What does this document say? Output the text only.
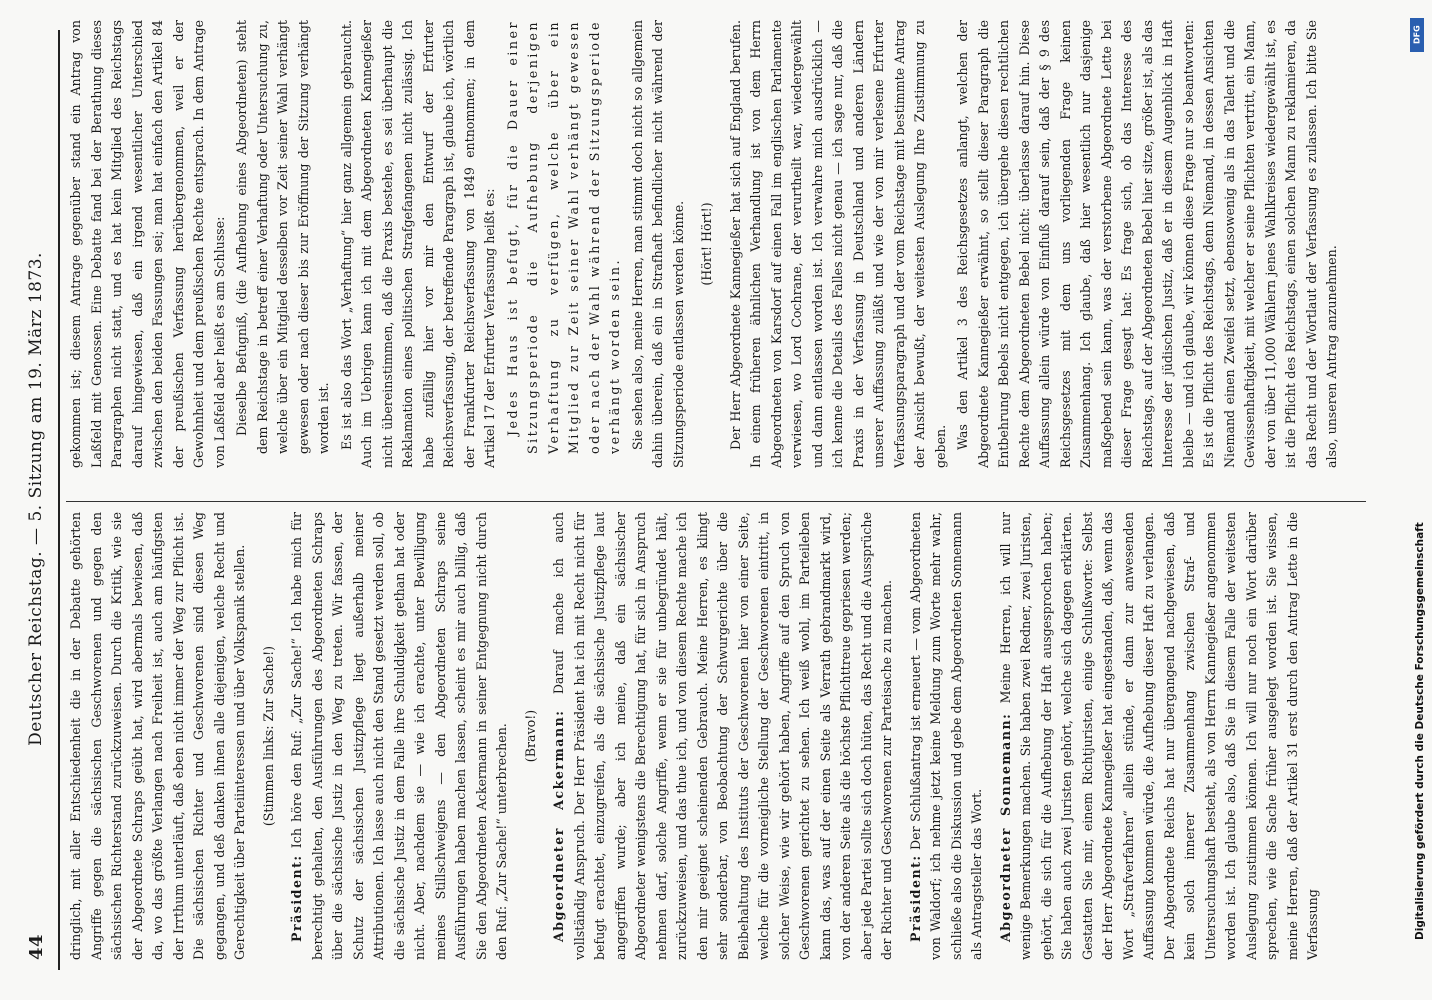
44
Deutscher Reichstag. — 5. Sitzung am 19. März 1873. dringlich, mit aller Entschiedenheit die in der Debatte gehörten Angriffe gegen die sächsischen Geschworenen und gegen den sächsischen Richterstand zurückzuweisen. Durch die Kritik, wie sie der Abgeordnete Schraps geübt hat, wird abermals bewiesen, daß da, wo das größte Verlangen nach Freiheit ist, auch am häufigsten der Irrthum unterläuft, daß eben nicht immer der Weg zur Pflicht ist. Die sächsischen Richter und Geschworenen sind diesen Weg gegangen, und deß danken ihnen alle diejenigen, welche Recht und Gerechtigkeit über Parteiinteressen und über Volkspanik stellen. (Stimmen links: Zur Sache!)

Präsident: Ich höre den Ruf: „Zur Sache!“ Ich habe mich für berechtigt gehalten, den Ausführungen des Abgeordneten Schraps über die sächsische Justiz in den Weg zu treten. Wir fassen, der Schutz der sächsischen Justizpflege liegt außerhalb meiner Attributionen. Ich lasse auch nicht den Stand gesetzt werden soll, ob die sächsische Justiz in dem Falle ihre Schuldigkeit gethan hat oder nicht. Aber, nachdem sie — wie ich erachte, unter Bewilligung meines Stillschweigens — den Abgeordneten Schraps seine Ausführungen haben machen lassen, scheint es mir auch billig, daß Sie den Abgeordneten Ackermann in seiner Entgegnung nicht durch den Ruf: „Zur Sache!“ unterbrechen. (Bravo!) Abgeordneter Ackermann: Darauf mache ich auch vollständig Anspruch. Der Herr Präsident hat ich mit Recht nicht für befugt erachtet, einzugreifen, als die sächsische Justizpflege laut angegriffen wurde; aber ich meine, daß ein sächsischer Abgeordneter wenigstens die Berechtigung hat, für sich in Anspruch nehmen darf, solche Angriffe, wenn er sie für unbegründet hält, zurückzuweisen, und das thue ich, und von diesem Rechte mache ich den mir geeignet scheinenden Gebrauch. Meine Herren, es klingt sehr sonderbar, von Beobachtung der Schwurgerichte über die Beibehaltung des Instituts der Geschworenen hier von einer Seite, welche für die vorneigliche Stellung der Geschworenen eintritt, in solcher Weise, wie wir gehört haben, Angriffe auf den Spruch von Geschworenen gerichtet zu sehen. Ich weiß wohl, im Parteileben kann das, was auf der einen Seite als Verrath gebrandmarkt wird, von der anderen Seite als die höchste Pflichttreue gepriesen werden; aber jede Partei sollte sich doch hüten, das Recht und die Aussprüche der Richter und Geschworenen zur Parteisache zu machen. Präsident: Der Schlußantrag ist erneuert — vom Abgeordneten von Waldorf; ich nehme jetzt keine Meldung zum Worte mehr wahr, schließe also die Diskussion und gebe dem Abgeordneten Sonnemann als Antragsteller das Wort. Abgeordneter Sonnemann: Meine Herren, ich will nur wenige Bemerkungen machen. Sie haben zwei Redner, zwei Juristen, gehört, die sich für die Aufhebung der Haft ausgesprochen haben; Sie haben auch zwei Juristen gehört, welche sich dagegen erklärten. Gestatten Sie mir, einem Richtjuristen, einige Schlußworte: Selbst der Herr Abgeordnete Kannegießer hat eingestanden, daß, wenn das Wort „Strafverfahren“ allein stünde, er dann zur anwesenden Auffassung kommen würde, die Aufhebung dieser Haft zu verlangen. Der Abgeordnete Reichs hat nur übergangend nachgewiesen, daß kein solch innerer Zusammenhang zwischen Straf- und Untersuchungshaft besteht, als von Herrn Kannegießer angenommen worden ist. Ich glaube also, daß Sie in diesem Falle der weitesten Auslegung zustimmen können. Ich will nur noch ein Wort darüber sprechen, wie die Sache früher ausgelegt worden ist. Sie wissen, meine Herren, daß der Artikel 31 erst durch den Antrag Lette in die Verfassung

gekommen ist; diesem Antrage gegenüber stand ein Antrag von Laßfeld mit Genossen. Eine Debatte fand bei der Berathung dieses Paragraphen nicht statt, und es hat kein Mitglied des Reichstags darauf hingewiesen, daß ein irgend wesentlicher Unterschied zwischen den beiden Fassungen sei; man hat einfach den Artikel 84 der preußischen Verfassung herübergenommen, weil er der Gewohnheit und dem preußischen Rechte entsprach. In dem Antrage von Laßfeld aber heißt es am Schlusse: Dieselbe Befugniß, (die Aufhebung eines Abgeordneten) steht dem Reichstage in betreff einer Verhaftung oder Untersuchung zu, welche über ein Mitglied desselben vor Zeit seiner Wahl verhängt gewesen oder nach dieser bis zur Eröffnung der Sitzung verhängt worden ist. Es ist also das Wort „Verhaftung“ hier ganz allgemein gebraucht. Auch im Uebrigen kann ich mit dem Abgeordneten Kannegießer nicht übereinstimmen, daß die Praxis bestehe, es sei überhaupt die Reklamation eines politischen Strafgefangenen nicht zulässig. Ich habe zufällig hier vor mir den Entwurf der Erfurter Reichsverfassung, der betreffende Paragraph ist, glaube ich, wörtlich der Frankfurter Reichsverfassung von 1849 entnommen; in dem Artikel 17 der Erfurter Verfassung heißt es: Jedes Haus ist befugt, für die Dauer einer Sitzungsperiode die Aufhebung derjenigen Verhaftung zu verfügen, welche über ein Mitglied zur Zeit seiner Wahl verhängt gewesen oder nach der Wahl während der Sitzungsperiode verhängt worden sein. Sie sehen also, meine Herren, man stimmt doch nicht so allgemein dahin überein, daß ein in Strafhaft befindlicher nicht während der Sitzungsperiode entlassen werden könne. (Hört! Hört!) Der Herr Abgeordnete Kannegießer hat sich auf England berufen. In einem früheren ähnlichen Verhandlung ist von dem Herrn Abgeordneten von Karsdorf auf einen Fall im englischen Parlamente verwiesen, wo Lord Cochrane, der verurtheilt war, wiedergewählt und dann entlassen worden ist. Ich verwahre mich ausdrücklich — ich kenne die Details des Falles nicht genau — ich sage nur, daß die Praxis in der Verfassung in Deutschland und anderen Ländern unserer Auffassung zuläßt und wie der von mir verlesene Erfurter Verfassungsparagraph und der vom Reichstage mit bestimmte Antrag der Ansicht bewußt, der weitesten Auslegung Ihre Zustimmung zu geben. Was den Artikel 3 des Reichsgesetzes anlangt, welchen der Abgeordnete Kannegießer erwähnt, so stellt dieser Paragraph die Entbehrung Bebels nicht entgegen, ich übergehe diesen rechtlichen Rechte dem Abgeordneten Bebel nicht: überlasse darauf hin. Diese Auffassung allein würde von Einfluß darauf sein, daß der § 9 des Reichsgesetzes mit dem uns vorliegenden Frage keinen Zusammenhang. Ich glaube, daß hier wesentlich nur dasjenige maßgebend sein kann, was der verstorbene Abgeordnete Lette bei dieser Frage gesagt hat: Es frage sich, ob das Interesse des Reichstags, auf der Abgeordneten Bebel hier sitze, größer ist, als das Interesse der jüdischen Justiz, daß er in diesem Augenblick in Haft bleibe — und ich glaube, wir können diese Frage nur so beantworten: Es ist die Pflicht des Reichstags, denn Niemand, in dessen Ansichten Niemand einen Zweifel setzt, ebensowenig als in das Talent und die Gewissenhaftigkeit, mit welcher er seine Pflichten vertritt, ein Mann, der von über 11,000 Wählern jenes Wahlkreises wiedergewählt ist, es ist die Pflicht des Reichstags, einen solchen Mann zu reklamieren, da das Recht und der Wortlaut der Verfassung es zulassen. Ich bitte Sie also, unseren Antrag anzunehmen.

DFG
Digitalisierung gefördert durch die Deutsche Forschungsgemeinschaft
